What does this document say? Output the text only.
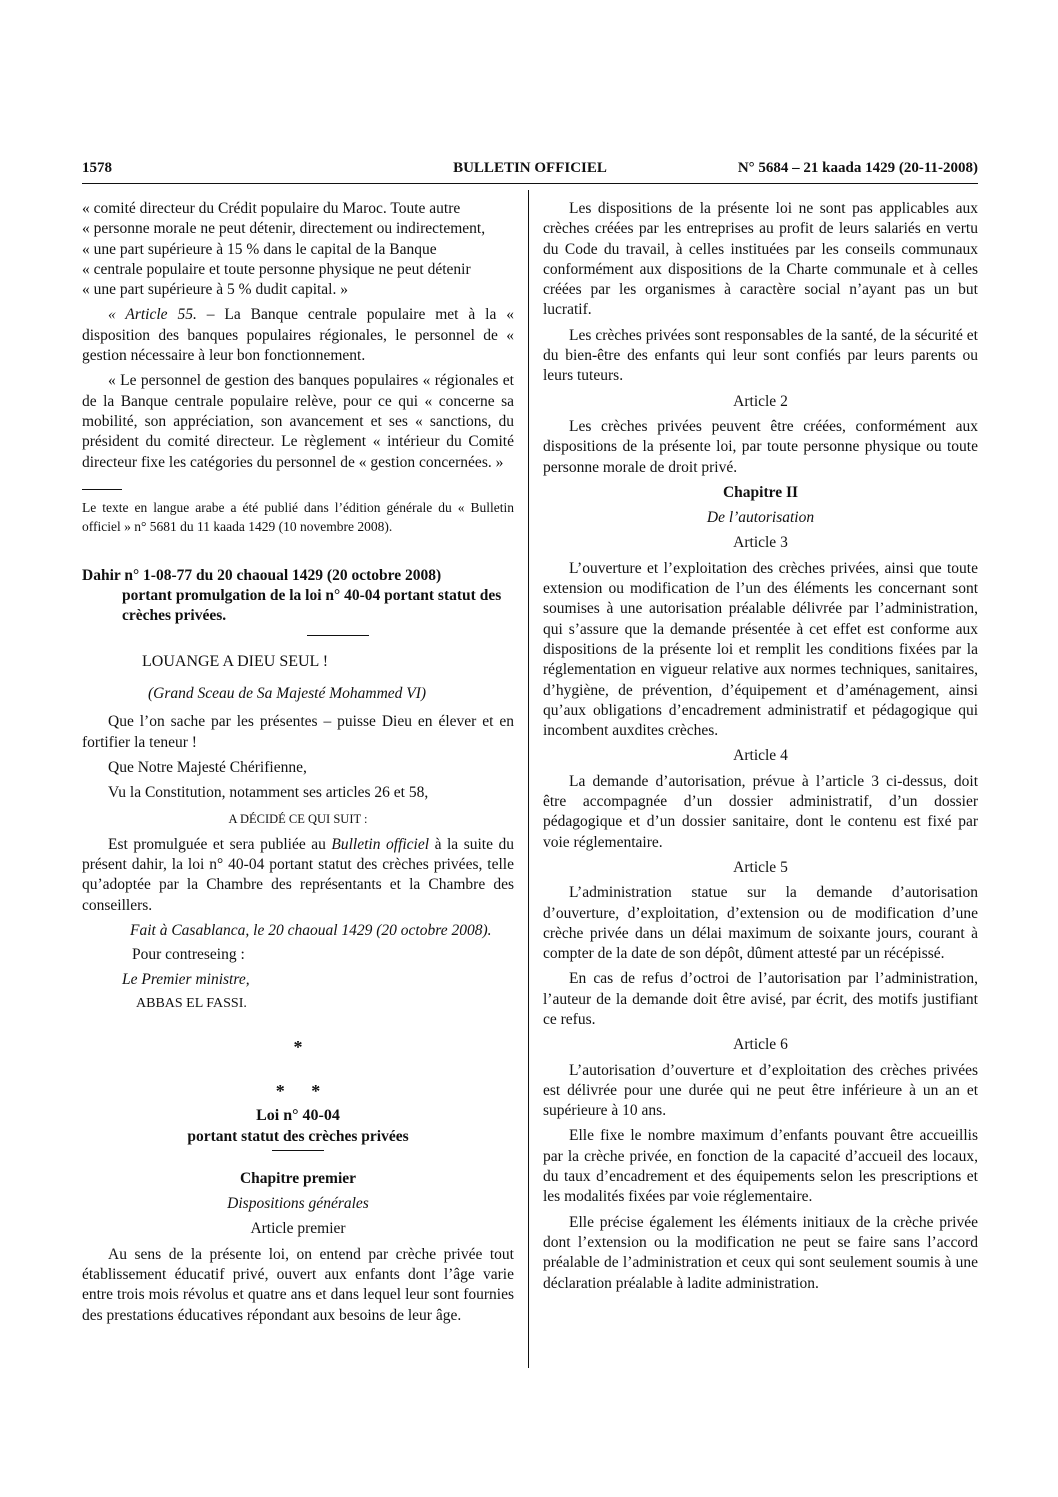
1578	BULLETIN OFFICIEL	N° 5684 – 21 kaada 1429 (20-11-2008)

« comité directeur du Crédit populaire du Maroc. Toute autre

« personne morale ne peut détenir, directement ou indirectement,

« une part supérieure à 15 % dans le capital de la Banque

« centrale populaire et toute personne physique ne peut détenir

« une part supérieure à 5 % dudit capital. »

« Article 55. – La Banque centrale populaire met à la « disposition des banques populaires régionales, le personnel de « gestion nécessaire à leur bon fonctionnement.

« Le personnel de gestion des banques populaires « régionales et de la Banque centrale populaire relève, pour ce qui « concerne sa mobilité, son appréciation, son avancement et ses « sanctions, du président du comité directeur. Le règlement « intérieur du Comité directeur fixe les catégories du personnel de « gestion concernées. »

Le texte en langue arabe a été publié dans l’édition générale du « Bulletin officiel » n° 5681 du 11 kaada 1429 (10 novembre 2008).

Dahir n° 1-08-77 du 20 chaoual 1429 (20 octobre 2008)
portant promulgation de la loi n° 40-04 portant statut des crèches privées.

LOUANGE A DIEU SEUL !

(Grand Sceau de Sa Majesté Mohammed VI)

Que l’on sache par les présentes – puisse Dieu en élever et en fortifier la teneur !

Que Notre Majesté Chérifienne,

Vu la Constitution, notamment ses articles 26 et 58,

A DÉCIDÉ CE QUI SUIT :

Est promulguée et sera publiée au Bulletin officiel à la suite du présent dahir, la loi n° 40-04 portant statut des crèches privées, telle qu’adoptée par la Chambre des représentants et la Chambre des conseillers.

Fait à Casablanca, le 20 chaoual 1429 (20 octobre 2008).

Pour contreseing :

Le Premier ministre,

ABBAS EL FASSI.

*

* *

Loi n° 40-04

portant statut des crèches privées

Chapitre premier

Dispositions générales

Article premier

Au sens de la présente loi, on entend par crèche privée tout établissement éducatif privé, ouvert aux enfants dont l’âge varie entre trois mois révolus et quatre ans et dans lequel leur sont fournies des prestations éducatives répondant aux besoins de leur âge.

Les dispositions de la présente loi ne sont pas applicables aux crèches créées par les entreprises au profit de leurs salariés en vertu du Code du travail, à celles instituées par les conseils communaux conformément aux dispositions de la Charte communale et à celles créées par les organismes à caractère social n’ayant pas un but lucratif.

Les crèches privées sont responsables de la santé, de la sécurité et du bien-être des enfants qui leur sont confiés par leurs parents ou leurs tuteurs.

Article 2

Les crèches privées peuvent être créées, conformément aux dispositions de la présente loi, par toute personne physique ou toute personne morale de droit privé.

Chapitre II

De l’autorisation

Article 3

L’ouverture et l’exploitation des crèches privées, ainsi que toute extension ou modification de l’un des éléments les concernant sont soumises à une autorisation préalable délivrée par l’administration, qui s’assure que la demande présentée à cet effet est conforme aux dispositions de la présente loi et remplit les conditions fixées par la réglementation en vigueur relative aux normes techniques, sanitaires, d’hygiène, de prévention, d’équipement et d’aménagement, ainsi qu’aux obligations d’encadrement administratif et pédagogique qui incombent auxdites crèches.

Article 4

La demande d’autorisation, prévue à l’article 3 ci-dessus, doit être accompagnée d’un dossier administratif, d’un dossier pédagogique et d’un dossier sanitaire, dont le contenu est fixé par voie réglementaire.

Article 5

L’administration statue sur la demande d’autorisation d’ouverture, d’exploitation, d’extension ou de modification d’une crèche privée dans un délai maximum de soixante jours, courant à compter de la date de son dépôt, dûment attesté par un récépissé.

En cas de refus d’octroi de l’autorisation par l’administration, l’auteur de la demande doit être avisé, par écrit, des motifs justifiant ce refus.

Article 6

L’autorisation d’ouverture et d’exploitation des crèches privées est délivrée pour une durée qui ne peut être inférieure à un an et supérieure à 10 ans.

Elle fixe le nombre maximum d’enfants pouvant être accueillis par la crèche privée, en fonction de la capacité d’accueil des locaux, du taux d’encadrement et des équipements selon les prescriptions et les modalités fixées par voie réglementaire.

Elle précise également les éléments initiaux de la crèche privée dont l’extension ou la modification ne peut se faire sans l’accord préalable de l’administration et ceux qui sont seulement soumis à une déclaration préalable à ladite administration.
